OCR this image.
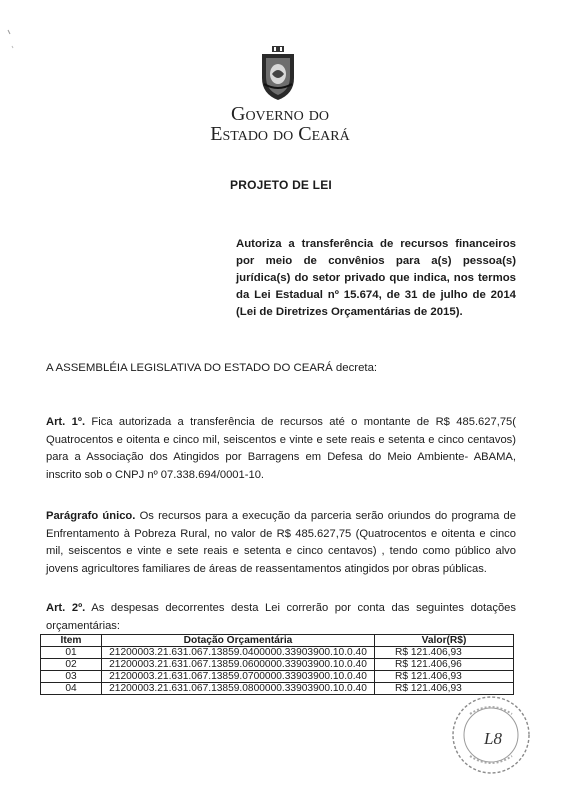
Governo do
Estado do Ceará
PROJETO DE LEI
Autoriza a transferência de recursos financeiros por meio de convênios para a(s) pessoa(s) jurídica(s) do setor privado que indica, nos termos da Lei Estadual nº 15.674, de 31 de julho de 2014 (Lei de Diretrizes Orçamentárias de 2015).
A ASSEMBLÉIA LEGISLATIVA DO ESTADO DO CEARÁ decreta:
Art. 1º. Fica autorizada a transferência de recursos até o montante de R$ 485.627,75( Quatrocentos e oitenta e cinco mil, seiscentos e vinte e sete reais e setenta e cinco centavos) para a Associação dos Atingidos por Barragens em Defesa do Meio Ambiente- ABAMA, inscrito sob o CNPJ nº 07.338.694/0001-10.
Parágrafo único. Os recursos para a execução da parceria serão oriundos do programa de Enfrentamento à Pobreza Rural, no valor de R$ 485.627,75 (Quatrocentos e oitenta e cinco mil, seiscentos e vinte e sete reais e setenta e cinco centavos) , tendo como público alvo jovens agricultores familiares de áreas de reassentamentos atingidos por obras públicas.
Art. 2º. As despesas decorrentes desta Lei correrão por conta das seguintes dotações orçamentárias:
Item	Dotação Orçamentária	Valor(R$)
01	21200003.21.631.067.13859.0400000.33903900.10.0.40	R$ 121.406,93
02	21200003.21.631.067.13859.0600000.33903900.10.0.40	R$ 121.406,96
03	21200003.21.631.067.13859.0700000.33903900.10.0.40	R$ 121.406,93
04	21200003.21.631.067.13859.0800000.33903900.10.0.40	R$ 121.406,93
L8
